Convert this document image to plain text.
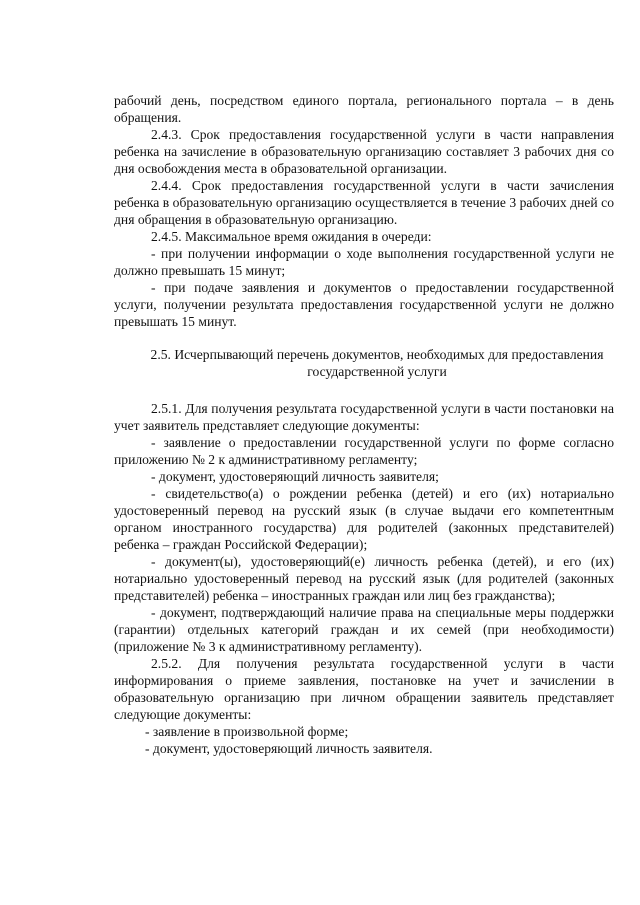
рабочий день, посредством единого портала, регионального портала – в день обращения.

2.4.3. Срок предоставления государственной услуги в части направления ребенка на зачисление в образовательную организацию составляет 3 рабочих дня со дня освобождения места в образовательной организации.

2.4.4. Срок предоставления государственной услуги в части зачисления ребенка в образовательную организацию осуществляется в течение 3 рабочих дней со дня обращения в образовательную организацию.

2.4.5. Максимальное время ожидания в очереди:

- при получении информации о ходе выполнения государственной услуги не должно превышать 15 минут;

- при подаче заявления и документов о предоставлении государственной услуги, получении результата предоставления государственной услуги не должно превышать 15 минут.

2.5. Исчерпывающий перечень документов, необходимых для предоставления государственной услуги

2.5.1. Для получения результата государственной услуги в части постановки на учет заявитель представляет следующие документы:

- заявление о предоставлении государственной услуги по форме согласно приложению № 2 к административному регламенту;

- документ, удостоверяющий личность заявителя;

- свидетельство(а) о рождении ребенка (детей) и его (их) нотариально удостоверенный перевод на русский язык (в случае выдачи его компетентным органом иностранного государства) для родителей (законных представителей) ребенка – граждан Российской Федерации);

- документ(ы), удостоверяющий(е) личность ребенка (детей), и его (их) нотариально удостоверенный перевод на русский язык (для родителей (законных представителей) ребенка – иностранных граждан или лиц без гражданства);

- документ, подтверждающий наличие права на специальные меры поддержки (гарантии) отдельных категорий граждан и их семей (при необходимости) (приложение № 3 к административному регламенту).

2.5.2. Для получения результата государственной услуги в части информирования о приеме заявления, постановке на учет и зачислении в образовательную организацию при личном обращении заявитель представляет следующие документы:

- заявление в произвольной форме;

- документ, удостоверяющий личность заявителя.
